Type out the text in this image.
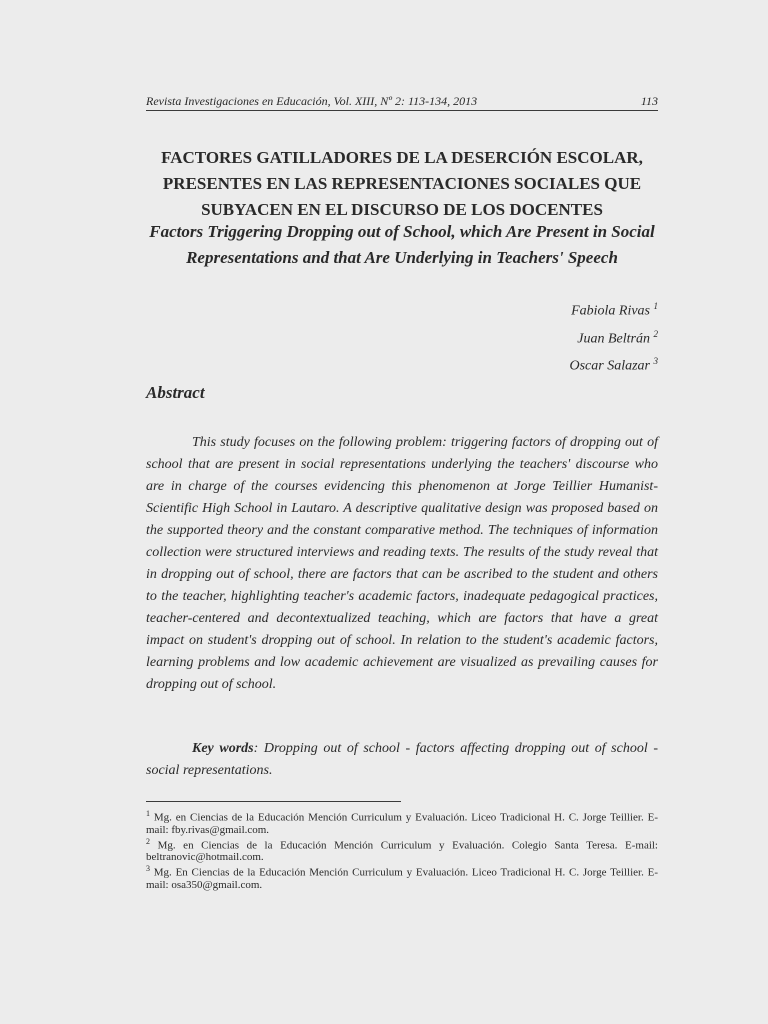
Revista Investigaciones en Educación, Vol. XIII, Nº 2: 113-134, 2013	113
FACTORES GATILLADORES DE LA DESERCIÓN ESCOLAR, PRESENTES EN LAS REPRESENTACIONES SOCIALES QUE SUBYACEN EN EL DISCURSO DE LOS DOCENTES
Factors Triggering Dropping out of School, which Are Present in Social Representations and that Are Underlying in Teachers' Speech
Fabiola Rivas $^1$
Juan Beltrán $^2$
Oscar Salazar $^3$
Abstract

This study focuses on the following problem: triggering factors of dropping out of school that are present in social representations underlying the teachers' discourse who are in charge of the courses evidencing this phenomenon at Jorge Teillier Humanist-Scientific High School in Lautaro. A descriptive qualitative design was proposed based on the supported theory and the constant comparative method. The techniques of information collection were structured interviews and reading texts. The results of the study reveal that in dropping out of school, there are factors that can be ascribed to the student and others to the teacher, highlighting teacher's academic factors, inadequate pedagogical practices, teacher-centered and decontextualized teaching, which are factors that have a great impact on student's dropping out of school. In relation to the student's academic factors, learning problems and low academic achievement are visualized as prevailing causes for dropping out of school.

Key words: Dropping out of school - factors affecting dropping out of school - social representations.

$^1$ Mg. en Ciencias de la Educación Mención Curriculum y Evaluación. Liceo Tradicional H. C. Jorge Teillier. E-mail: fby.rivas@gmail.com.

$^2$ Mg. en Ciencias de la Educación Mención Curriculum y Evaluación. Colegio Santa Teresa. E-mail: beltranovic@hotmail.com.

$^3$ Mg. En Ciencias de la Educación Mención Curriculum y Evaluación. Liceo Tradicional H. C. Jorge Teillier. E-mail: osa350@gmail.com.
